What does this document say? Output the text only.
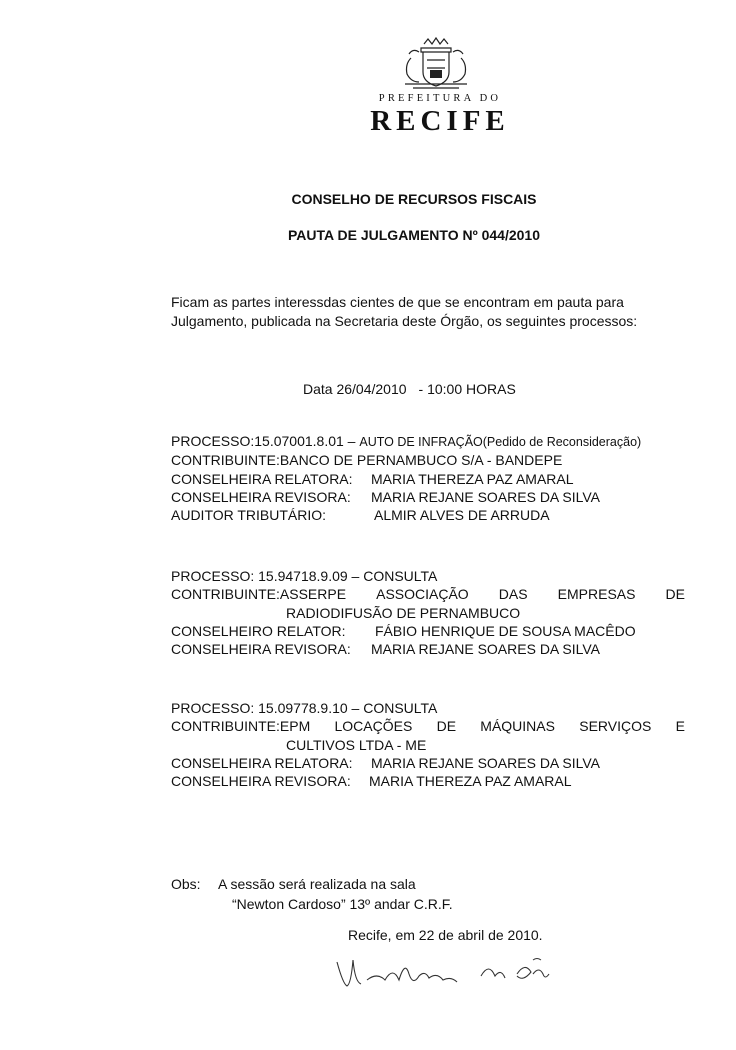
PREFEITURA DO
RECIFE
CONSELHO DE RECURSOS FISCAIS
PAUTA DE JULGAMENTO Nº 044/2010
Ficam as partes interessdas cientes de que se encontram em pauta para
Julgamento, publicada na Secretaria deste Órgão, os seguintes processos:
Data 26/04/2010 - 10:00 HORAS
PROCESSO:15.07001.8.01 – AUTO DE INFRAÇÃO(Pedido de Reconsideração)
CONTRIBUINTE:BANCO DE PERNAMBUCO S/A - BANDEPE
CONSELHEIRA RELATORA: MARIA THEREZA PAZ AMARAL
CONSELHEIRA REVISORA: MARIA REJANE SOARES DA SILVA
AUDITOR TRIBUTÁRIO:	ALMIR ALVES DE ARRUDA
PROCESSO: 15.94718.9.09 – CONSULTA
CONTRIBUINTE:ASSERPE ASSOCIAÇÃO DAS EMPRESAS DE
RADIODIFUSÃO DE PERNAMBUCO
CONSELHEIRO RELATOR: FÁBIO HENRIQUE DE SOUSA MACÊDO
CONSELHEIRA REVISORA: MARIA REJANE SOARES DA SILVA
PROCESSO: 15.09778.9.10 – CONSULTA
CONTRIBUINTE:EPM LOCAÇÕES DE MÁQUINAS SERVIÇOS E
CULTIVOS LTDA - ME
CONSELHEIRA RELATORA: MARIA REJANE SOARES DA SILVA
CONSELHEIRA REVISORA: MARIA THEREZA PAZ AMARAL
Obs: A sessão será realizada na sala
“Newton Cardoso” 13º andar C.R.F.
Recife, em 22 de abril de 2010.
